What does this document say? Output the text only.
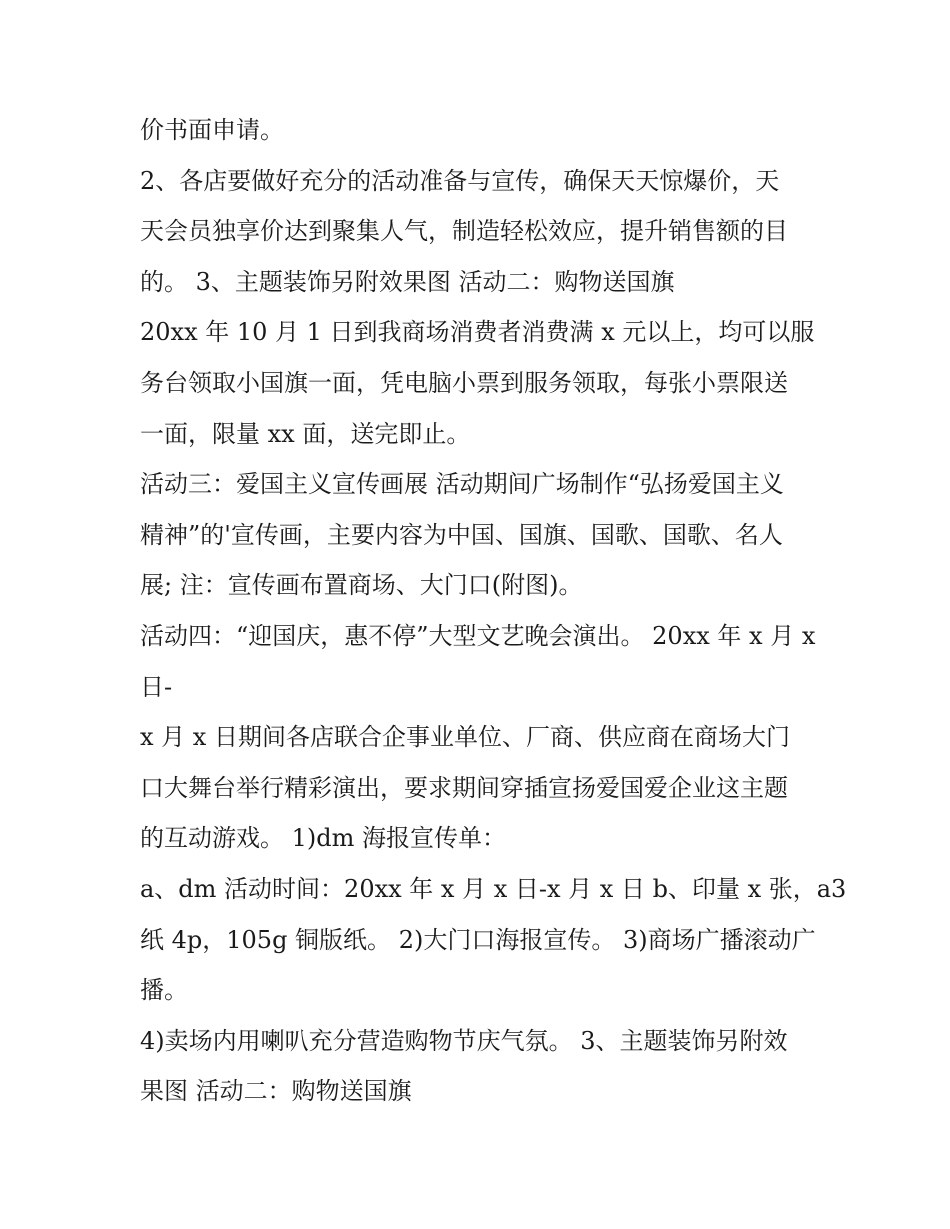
价书面申请。
2、各店要做好充分的活动准备与宣传，确保天天惊爆价，天
天会员独享价达到聚集人气，制造轻松效应，提升销售额的目
的。 3、主题装饰另附效果图 活动二：购物送国旗
20xx 年 10 月 1 日到我商场消费者消费满 x 元以上，均可以服
务台领取小国旗一面，凭电脑小票到服务领取，每张小票限送
一面，限量 xx 面，送完即止。
活动三：爱国主义宣传画展 活动期间广场制作“弘扬爱国主义
精神”的'宣传画，主要内容为中国、国旗、国歌、国歌、名人
展; 注：宣传画布置商场、大门口(附图)。
活动四：“迎国庆，惠不停”大型文艺晚会演出。 20xx 年 x 月 x
日-
x 月 x 日期间各店联合企事业单位、厂商、供应商在商场大门
口大舞台举行精彩演出，要求期间穿插宣扬爱国爱企业这主题
的互动游戏。 1)dm 海报宣传单：
a、dm 活动时间：20xx 年 x 月 x 日-x 月 x 日 b、印量 x 张，a3
纸 4p，105g 铜版纸。 2)大门口海报宣传。 3)商场广播滚动广
播。
4)卖场内用喇叭充分营造购物节庆气氛。 3、主题装饰另附效
果图 活动二：购物送国旗
